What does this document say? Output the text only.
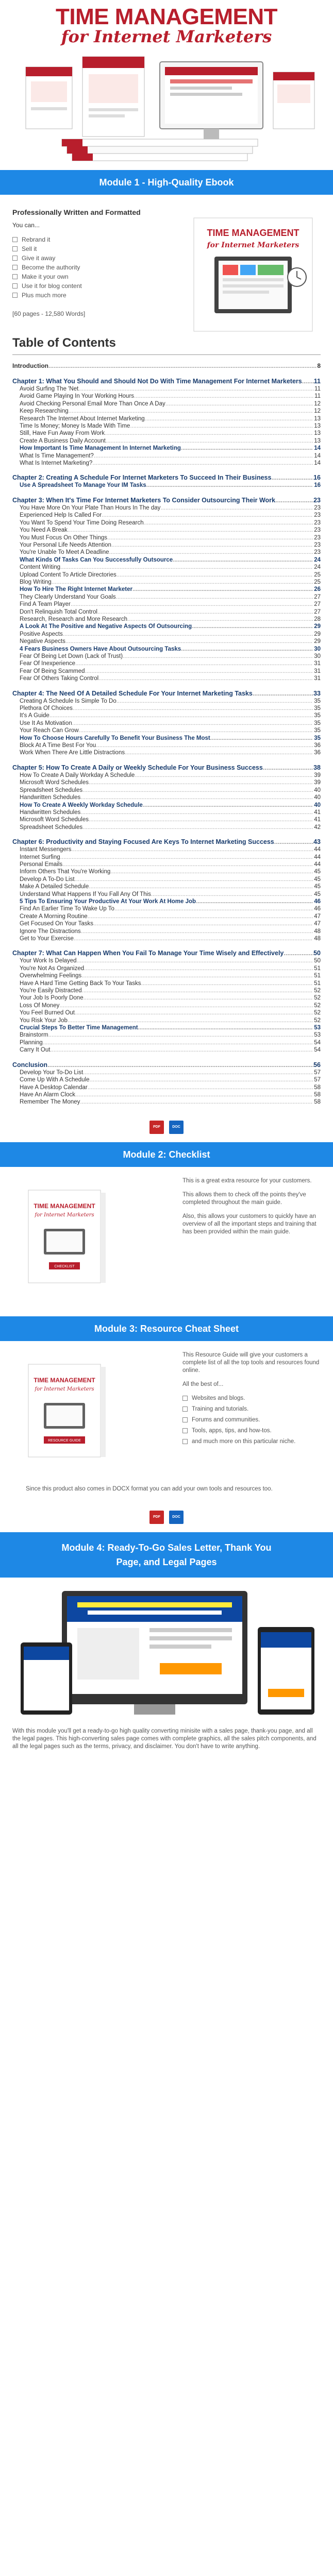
TIME MANAGEMENT
for Internet Marketers
Module 1 - High-Quality Ebook
Professionally Written and Formatted
You can...
Rebrand it
Sell it
Give it away
Become the authority
Make it your own
Use it for blog content
Plus much more
[60 pages - 12,580 Words]
TIME MANAGEMENT
for Internet Marketers
Table of Contents
Introduction .....	8
Chapter 1: What You Should and Should Not Do With Time Management For Internet Marketers ..... 11
Avoid Surfing The 'Net .....	11
Avoid Game Playing In Your Working Hours .....	11
Avoid Checking Personal Email More Than Once A Day .....	12
Keep Researching .....	12
Research The Internet About Internet Marketing .....	13
Time Is Money; Money Is Made With Time .....	13
Still, Have Fun Away From Work .....	13
Create A Business Daily Account .....	13
How Important Is Time Management In Internet Marketing .....	14
What Is Time Management? .....	14
What Is Internet Marketing? .....	14
Chapter 2: Creating A Schedule For Internet Marketers To Succeed In Their Business .....	16
Use A Spreadsheet To Manage Your IM Tasks .....	16
Chapter 3: When It's Time For Internet Marketers To Consider Outsourcing Their Work .....	23
You Have More On Your Plate Than Hours In The day .....	23
Experienced Help Is Called For .....	23
You Want To Spend Your Time Doing Research .....	23
You Need A Break .....	23
You Must Focus On Other Things .....	23
Your Personal Life Needs Attention .....	23
You're Unable To Meet A Deadline .....	23
What Kinds Of Tasks Can You Successfully Outsource .....	24
Content Writing .....	24
Upload Content To Article Directories .....	25
Blog Writing .....	25
How To Hire The Right Internet Marketer .....	26
They Clearly Understand Your Goals .....	27
Find A Team Player .....	27
Don't Relinquish Total Control .....	27
Research, Research and More Research .....	28
A Look At The Positive and Negative Aspects Of Outsourcing .....	29
Positive Aspects .....	29
Negative Aspects .....	29
4 Fears Business Owners Have About Outsourcing Tasks .....	30
Fear Of Being Let Down (Lack of Trust) .....	30
Fear Of Inexperience .....	31
Fear Of Being Scammed .....	31
Fear Of Others Taking Control .....	31
Chapter 4: The Need Of A Detailed Schedule For Your Internet Marketing Tasks .....	33
Creating A Schedule Is Simple To Do .....	35
Plethora Of Choices .....	35
It's A Guide .....	35
Use It As Motivation .....	35
Your Reach Can Grow .....	35
How To Choose Hours Carefully To Benefit Your Business The Most .....	35
Block At A Time Best For You .....	36
Work When There Are Little Distractions .....	36
Chapter 5: How To Create A Daily or Weekly Schedule For Your Business Success .....	38
How To Create A Daily Workday A Schedule .....	39
Microsoft Word Schedules .....	39
Spreadsheet Schedules .....	40
Handwritten Schedules .....	40
How To Create A Weekly Workday Schedule .....	40
Handwritten Schedules .....	41
Microsoft Word Schedules .....	41
Spreadsheet Schedules .....	42
Chapter 6: Productivity and Staying Focused Are Keys To Internet Marketing Success .....	43
Instant Messengers .....	44
Internet Surfing .....	44
Personal Emails .....	44
Inform Others That You're Working .....	45
Develop A To-Do List .....	45
Make A Detailed Schedule .....	45
Understand What Happens If You Fall Any Of This .....	45
5 Tips To Ensuring Your Productive At Your Work At Home Job .....	46
Find An Earlier Time To Wake Up To .....	46
Create A Morning Routine .....	47
Get Focused On Your Tasks .....	47
Ignore The Distractions .....	48
Get to Your Exercise .....	48
Chapter 7: What Can Happen When You Fail To Manage Your Time Wisely and Effectively .....	50
Your Work Is Delayed .....	50
You're Not As Organized .....	51
Overwhelming Feelings .....	51
Have A Hard Time Getting Back To Your Tasks .....	51
You're Easily Distracted .....	52
Your Job Is Poorly Done .....	52
Loss Of Money .....	52
You Feel Burned Out .....	52
You Risk Your Job .....	52
Crucial Steps To Better Time Management .....	53
Brainstorm .....	53
Planning .....	54
Carry It Out .....	54
Conclusion .....	56
Develop Your To-Do List .....	57
Come Up With A Schedule .....	57
Have A Desktop Calendar .....	58
Have An Alarm Clock .....	58
Remember The Money .....	58
PDF	DOC
Module 2: Checklist
TIME MANAGEMENT
for Internet Marketers
CHECKLIST

This is a great extra resource for your customers.

This allows them to check off the points they've completed throughout the main guide.

Also, this allows your customers to quickly have an overview of all the important steps and training that has been provided within the main guide.

Module 3: Resource Cheat Sheet
TIME MANAGEMENT
for Internet Marketers
RESOURCE GUIDE

This Resource Guide will give your customers a complete list of all the top tools and resources found online.

All the best of...

Websites and blogs.
Training and tutorials.
Forums and communities.
Tools, apps, tips, and how-tos.
and much more on this particular niche.
Since this product also comes in DOCX format you can add your own tools and resources too.
PDF	DOC
Module 4: Ready-To-Go Sales Letter, Thank You
Page, and Legal Pages
With this module you'll get a ready-to-go high quality converting minisite with a sales page, thank-you page, and all the legal pages. This high-converting sales page comes with complete graphics, all the sales pitch components, and all the legal pages such as the terms, privacy, and disclaimer. You don't have to write anything.
